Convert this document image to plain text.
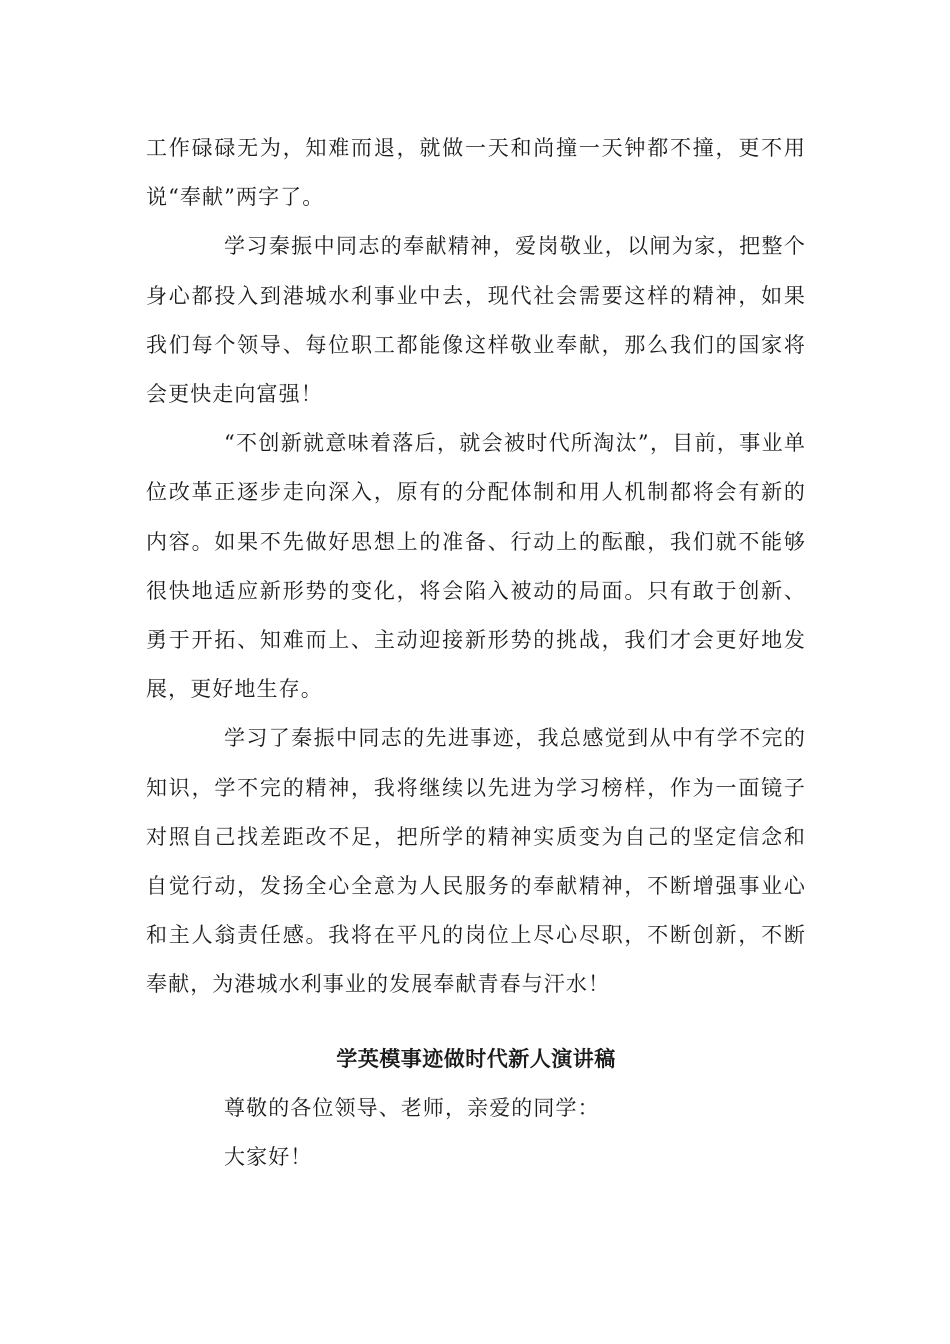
工作碌碌无为，知难而退，就做一天和尚撞一天钟都不撞，更不用说“奉献”两字了。

学习秦振中同志的奉献精神，爱岗敬业，以闸为家，把整个身心都投入到港城水利事业中去，现代社会需要这样的精神，如果我们每个领导、每位职工都能像这样敬业奉献，那么我们的国家将会更快走向富强！

“不创新就意味着落后，就会被时代所淘汰”，目前，事业单位改革正逐步走向深入，原有的分配体制和用人机制都将会有新的内容。如果不先做好思想上的准备、行动上的酝酿，我们就不能够很快地适应新形势的变化，将会陷入被动的局面。只有敢于创新、勇于开拓、知难而上、主动迎接新形势的挑战，我们才会更好地发展，更好地生存。

学习了秦振中同志的先进事迹，我总感觉到从中有学不完的知识，学不完的精神，我将继续以先进为学习榜样，作为一面镜子对照自己找差距改不足，把所学的精神实质变为自己的坚定信念和自觉行动，发扬全心全意为人民服务的奉献精神，不断增强事业心和主人翁责任感。我将在平凡的岗位上尽心尽职，不断创新，不断奉献，为港城水利事业的发展奉献青春与汗水！

学英模事迹做时代新人演讲稿

尊敬的各位领导、老师，亲爱的同学：

大家好！
